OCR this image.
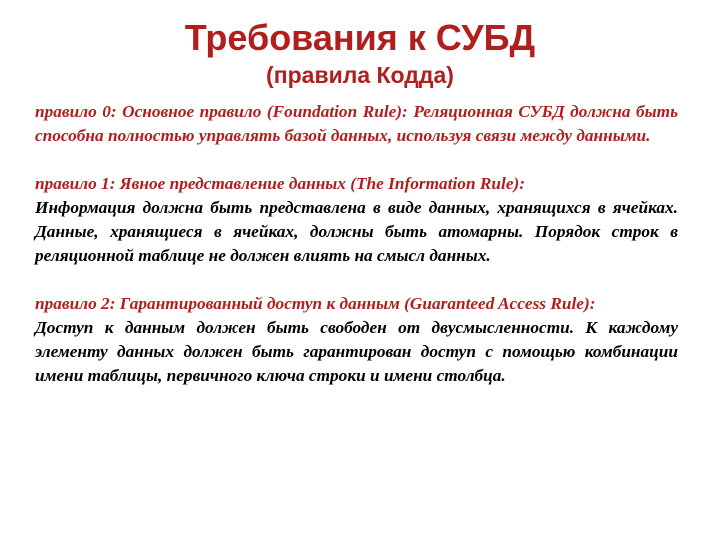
Требования к СУБД
(правила Кодда)

правило 0: Основное правило (Foundation Rule): Реляционная СУБД должна быть способна полностью управлять базой данных, используя связи между данными.

правило 1: Явное представление данных (The Information Rule):

Информация должна быть представлена в виде данных, хранящихся в ячейках. Данные, хранящиеся в ячейках, должны быть атомарны. Порядок строк в реляционной таблице не должен влиять на смысл данных.

правило 2: Гарантированный доступ к данным (Guaranteed Access Rule):

Доступ к данным должен быть свободен от двусмысленности. К каждому элементу данных должен быть гарантирован доступ с помощью комбинации имени таблицы, первичного ключа строки и имени столбца.
